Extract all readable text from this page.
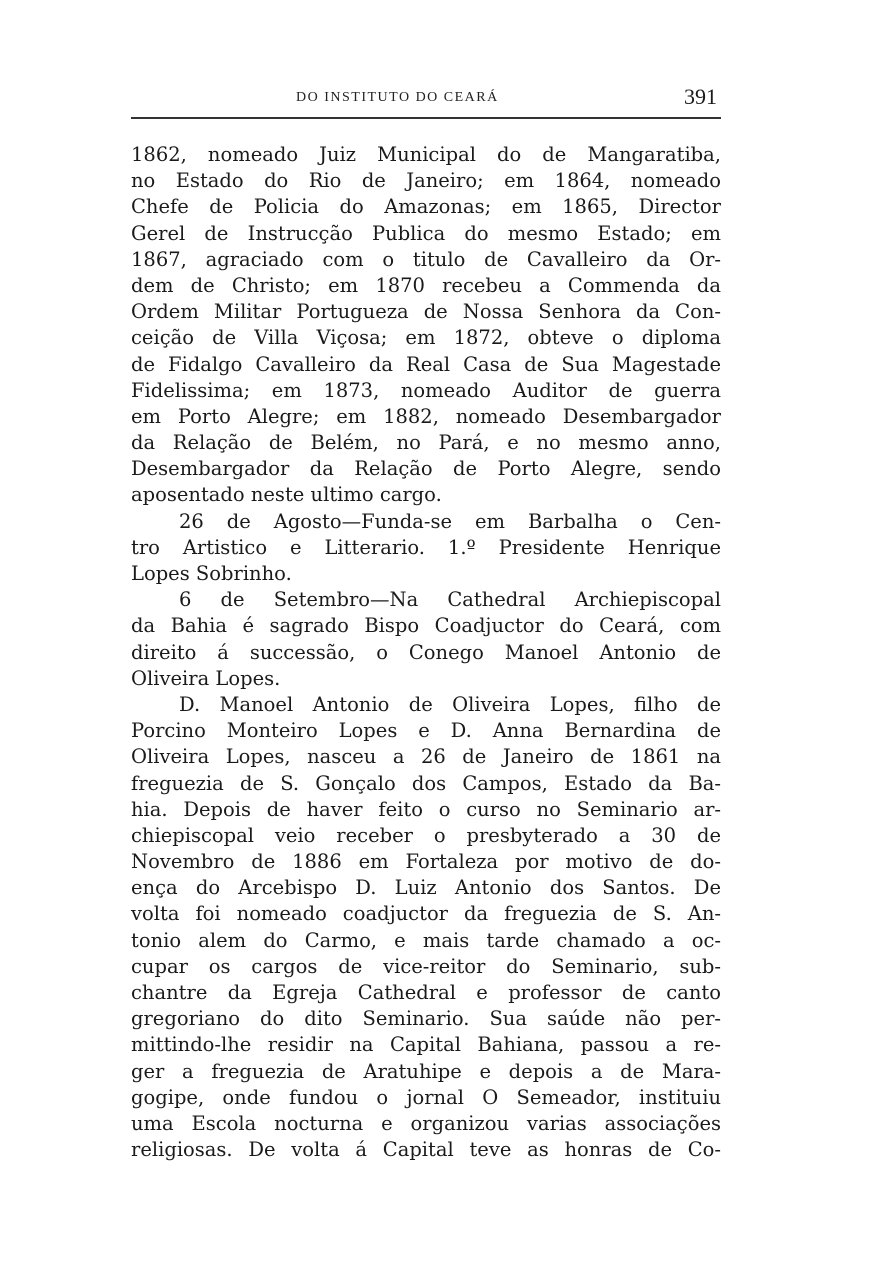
DO INSTITUTO DO CEARÁ	391
1862, nomeado Juiz Municipal do de Mangaratiba,
no Estado do Rio de Janeiro; em 1864, nomeado
Chefe de Policia do Amazonas; em 1865, Director
Gerel de Instrucção Publica do mesmo Estado; em
1867, agraciado com o titulo de Cavalleiro da Or-
dem de Christo; em 1870 recebeu a Commenda da
Ordem Militar Portugueza de Nossa Senhora da Con-
ceição de Villa Viçosa; em 1872, obteve o diploma
de Fidalgo Cavalleiro da Real Casa de Sua Magestade
Fidelissima; em 1873, nomeado Auditor de guerra
em Porto Alegre; em 1882, nomeado Desembargador
da Relação de Belém, no Pará, e no mesmo anno,
Desembargador da Relação de Porto Alegre, sendo
aposentado neste ultimo cargo.
26 de Agosto—Funda-se em Barbalha o Cen-
tro Artistico e Litterario. 1.º Presidente Henrique
Lopes Sobrinho.
6 de Setembro—Na Cathedral Archiepiscopal
da Bahia é sagrado Bispo Coadjuctor do Ceará, com
direito á successão, o Conego Manoel Antonio de
Oliveira Lopes.
D. Manoel Antonio de Oliveira Lopes, filho de
Porcino Monteiro Lopes e D. Anna Bernardina de
Oliveira Lopes, nasceu a 26 de Janeiro de 1861 na
freguezia de S. Gonçalo dos Campos, Estado da Ba-
hia. Depois de haver feito o curso no Seminario ar-
chiepiscopal veio receber o presbyterado a 30 de
Novembro de 1886 em Fortaleza por motivo de do-
ença do Arcebispo D. Luiz Antonio dos Santos. De
volta foi nomeado coadjuctor da freguezia de S. An-
tonio alem do Carmo, e mais tarde chamado a oc-
cupar os cargos de vice-reitor do Seminario, sub-
chantre da Egreja Cathedral e professor de canto
gregoriano do dito Seminario. Sua saúde não per-
mittindo-lhe residir na Capital Bahiana, passou a re-
ger a freguezia de Aratuhipe e depois a de Mara-
gogipe, onde fundou o jornal O Semeador, instituiu
uma Escola nocturna e organizou varias associações
religiosas. De volta á Capital teve as honras de Co-
